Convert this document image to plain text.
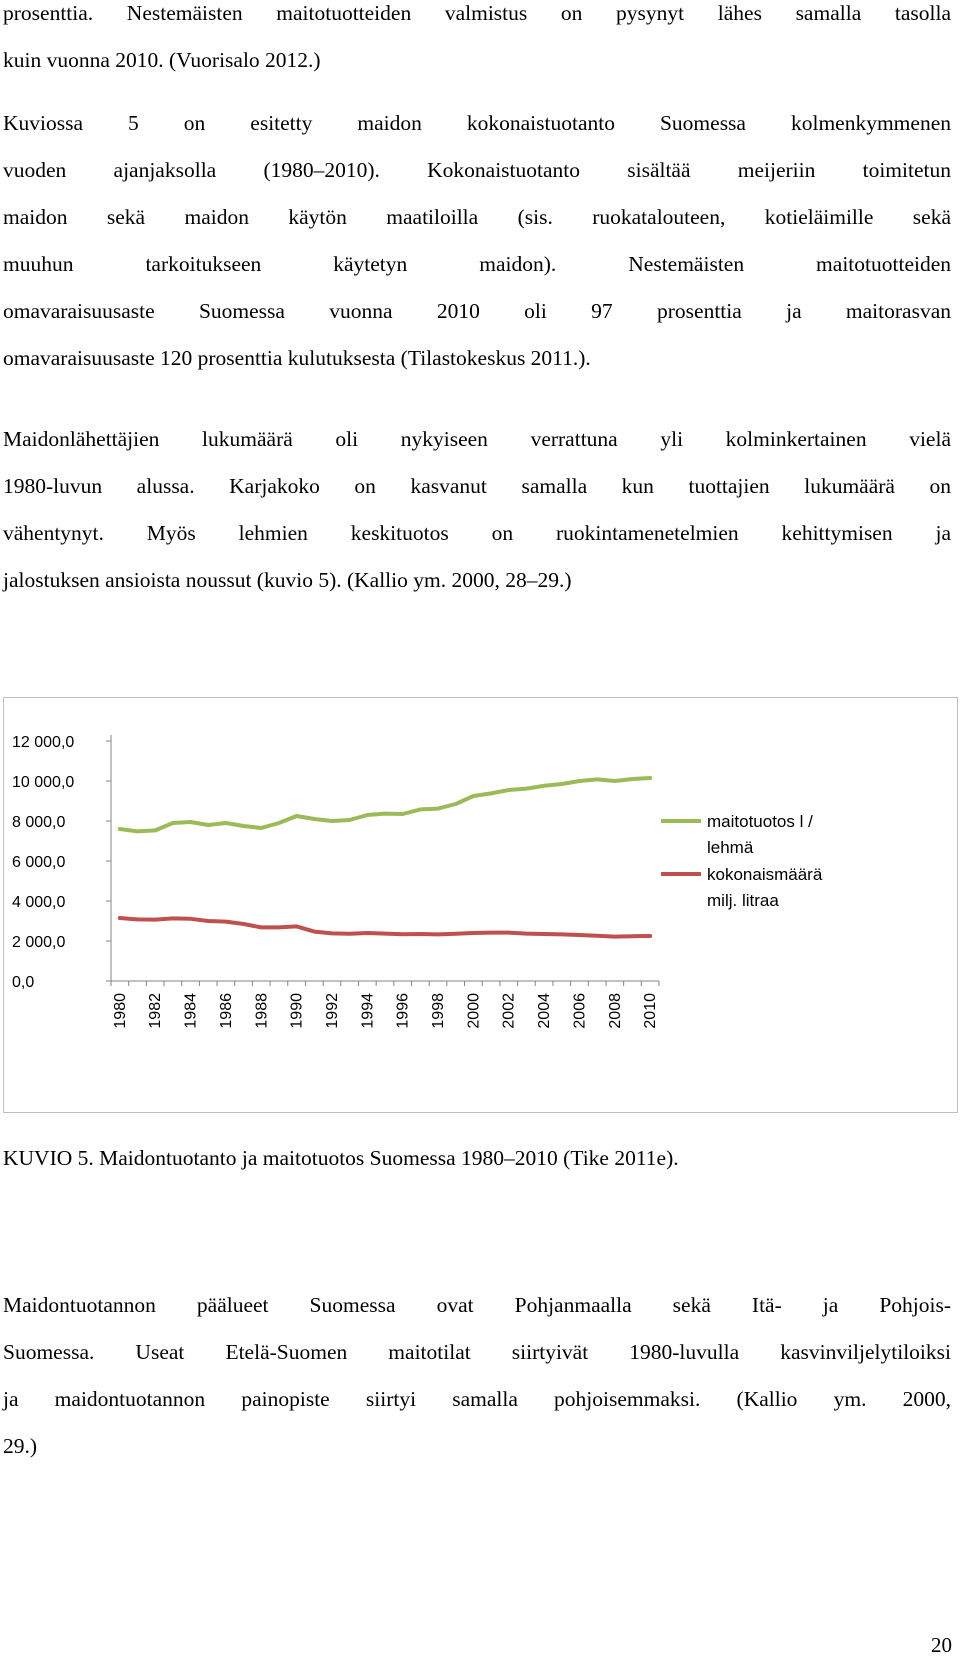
prosenttia. Nestemäisten maitotuotteiden valmistus on pysynyt lähes samalla tasolla
kuin vuonna 2010. (Vuorisalo 2012.)
Kuviossa 5 on esitetty maidon kokonaistuotanto Suomessa kolmenkymmenen
vuoden ajanjaksolla (1980–2010). Kokonaistuotanto sisältää meijeriin toimitetun
maidon sekä maidon käytön maatiloilla (sis. ruokatalouteen, kotieläimille sekä
muuhun tarkoitukseen käytetyn maidon). Nestemäisten maitotuotteiden
omavaraisuusaste Suomessa vuonna 2010 oli 97 prosenttia ja maitorasvan
omavaraisuusaste 120 prosenttia kulutuksesta (Tilastokeskus 2011.).
Maidonlähettäjien lukumäärä oli nykyiseen verrattuna yli kolminkertainen vielä
1980-luvun alussa. Karjakoko on kasvanut samalla kun tuottajien lukumäärä on
vähentynyt. Myös lehmien keskituotos on ruokintamenetelmien kehittymisen ja
jalostuksen ansioista noussut (kuvio 5). (Kallio ym. 2000, 28–29.)
0,0
2 000,0
4 000,0
6 000,0
8 000,0
10 000,0
12 000,0
1980 1982 1984 1986 1988 1990 1992 1994 1996 1998 2000 2002 2004 2006 2008 2010
maitotuotos l /
lehmä
kokonaismäärä
milj. litraa

KUVIO 5. Maidontuotanto ja maitotuotos Suomessa 1980–2010 (Tike 2011e).

Maidontuotannon päälueet Suomessa ovat Pohjanmaalla sekä Itä- ja Pohjois-
Suomessa. Useat Etelä-Suomen maitotilat siirtyivät 1980-luvulla kasvinviljelytiloiksi
ja maidontuotannon painopiste siirtyi samalla pohjoisemmaksi. (Kallio ym. 2000,
29.)
20
